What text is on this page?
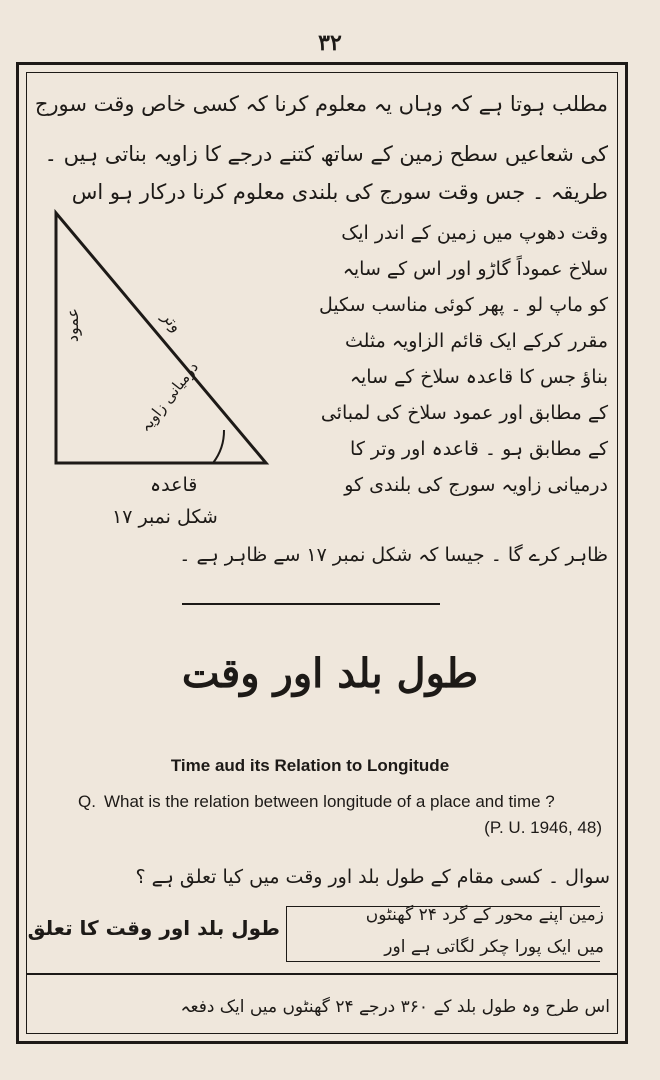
۳۲
مطلب ہوتا ہے کہ وہاں یہ معلوم کرنا کہ کسی خاص وقت سورج
کی شعاعیں سطح زمین کے ساتھ کتنے درجے کا زاویہ بناتی ہیں ۔
طریقہ ۔ جس وقت سورج کی بلندی معلوم کرنا درکار ہو اس
وقت دھوپ میں زمین کے اندر ایک
سلاخ عموداً گاڑو اور اس کے سایہ
کو ماپ لو ۔ پھر کوئی مناسب سکیل
مقرر کرکے ایک قائم الزاویہ مثلث
بناؤ جس کا قاعدہ سلاخ کے سایہ
کے مطابق اور عمود سلاخ کی لمبائی
کے مطابق ہو ۔ قاعدہ اور وتر کا
درمیانی زاویہ سورج کی بلندی کو
ظاہر کرے گا ۔ جیسا کہ شکل نمبر ۱۷ سے ظاہر ہے ۔
عمود	وتر
درمیانی زاویہ
قاعدہ
شکل نمبر ۱۷
طول بلد اور وقت
Time aud its Relation to Longitude
Q. What is the relation between longitude of a place and time ?
(P. U. 1946, 48)
سوال ۔ کسی مقام کے طول بلد اور وقت میں کیا تعلق ہے ؟
طول بلد اور وقت کا تعلق
زمین اپنے محور کے گرد ۲۴ گھنٹوں
میں ایک پورا چکر لگاتی ہے اور
اس طرح وہ طول بلد کے ۳۶۰ درجے ۲۴ گھنٹوں میں ایک دفعہ
